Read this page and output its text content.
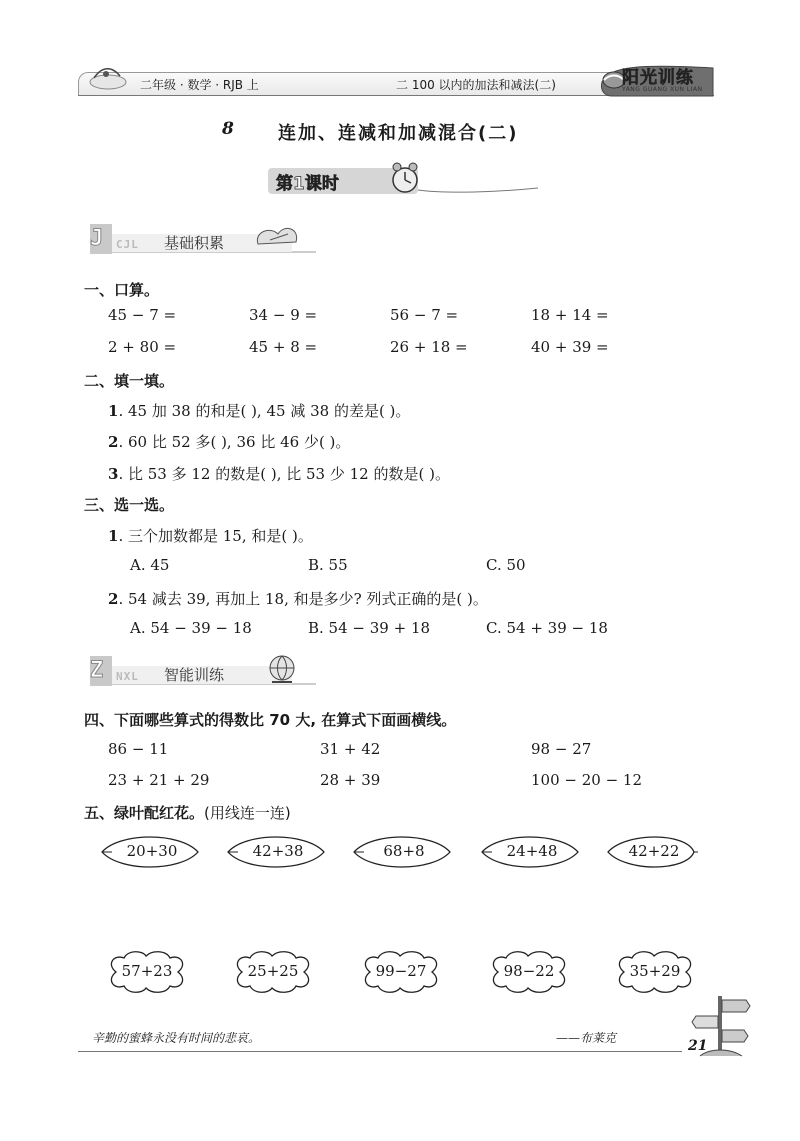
二年级 · 数学 · RJB 上	二 100 以内的加法和减法(二)	阳光训练
YANG GUANG XUN LIAN
8 连加、连减和加减混合(二)
第1课时
J CJL 基础积累
一、口算。
45 − 7 =	34 − 9 =	56 − 7 =	18 + 14 =
2 + 80 =	45 + 8 =	26 + 18 =	40 + 39 =
二、填一填。
1. 45 加 38 的和是( ), 45 减 38 的差是( )。
2. 60 比 52 多( ), 36 比 46 少( )。
3. 比 53 多 12 的数是( ), 比 53 少 12 的数是( )。
三、选一选。
1. 三个加数都是 15, 和是( )。
A. 45	B. 55	C. 50
2. 54 减去 39, 再加上 18, 和是多少? 列式正确的是( )。
A. 54 − 39 − 18	B. 54 − 39 + 18	C. 54 + 39 − 18
Z NXL 智能训练
四、下面哪些算式的得数比 70 大, 在算式下面画横线。
86 − 11	31 + 42	98 − 27
23 + 21 + 29	28 + 39	100 − 20 − 12
五、绿叶配红花。(用线连一连)
20+30	42+38	68+8	24+48	42+22
57+23	25+25	99−27	98−22	35+29
辛勤的蜜蜂永没有时间的悲哀。	——布莱克	21
